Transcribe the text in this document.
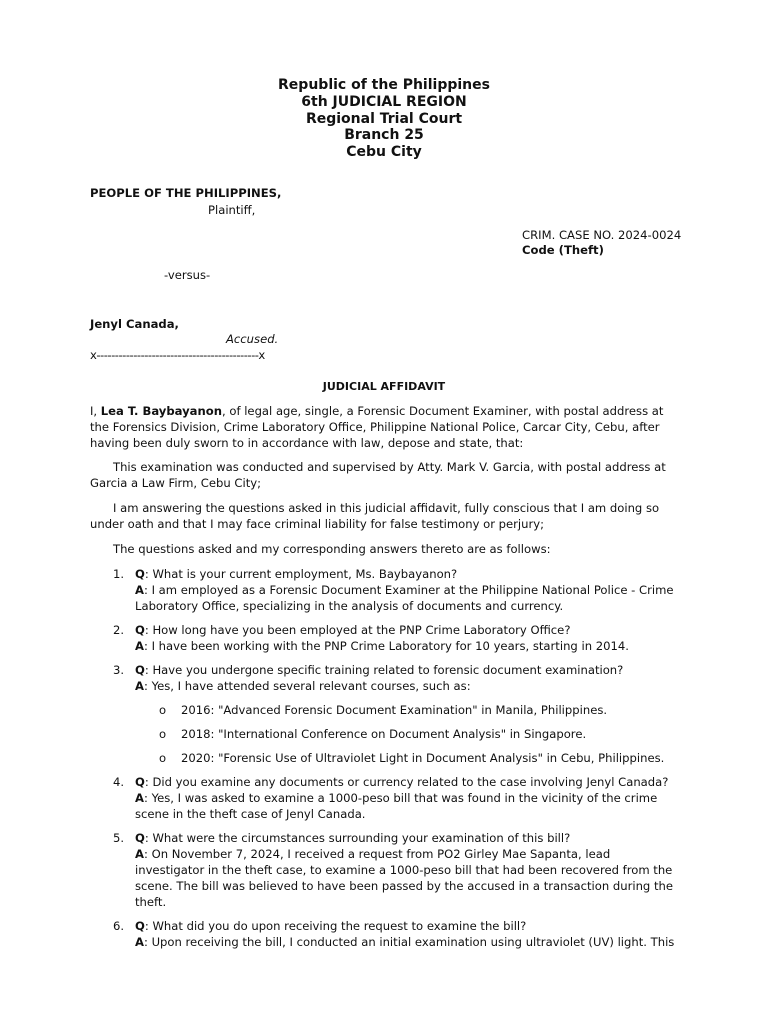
Republic of the Philippines
6th JUDICIAL REGION
Regional Trial Court
Branch 25
Cebu City
PEOPLE OF THE PHILIPPINES,
Plaintiff,
CRIM. CASE NO. 2024-0024
Code (Theft)
-versus-
Jenyl Canada,
Accused.
x--------------------------------------------x
JUDICIAL AFFIDAVIT

I, Lea T. Baybayanon, of legal age, single, a Forensic Document Examiner, with postal address at the Forensics Division, Crime Laboratory Office, Philippine National Police, Carcar City, Cebu, after having been duly sworn to in accordance with law, depose and state, that:

This examination was conducted and supervised by Atty. Mark V. Garcia, with postal address at Garcia a Law Firm, Cebu City;

I am answering the questions asked in this judicial affidavit, fully conscious that I am doing so under oath and that I may face criminal liability for false testimony or perjury;

The questions asked and my corresponding answers thereto are as follows:

1. Q: What is your current employment, Ms. Baybayanon?
A: I am employed as a Forensic Document Examiner at the Philippine National Police - Crime Laboratory Office, specializing in the analysis of documents and currency.
2. Q: How long have you been employed at the PNP Crime Laboratory Office?
A: I have been working with the PNP Crime Laboratory for 10 years, starting in 2014.
3. Q: Have you undergone specific training related to forensic document examination?
A: Yes, I have attended several relevant courses, such as:
o 2016: "Advanced Forensic Document Examination" in Manila, Philippines.
o 2018: "International Conference on Document Analysis" in Singapore.
o 2020: "Forensic Use of Ultraviolet Light in Document Analysis" in Cebu, Philippines.
4. Q: Did you examine any documents or currency related to the case involving Jenyl Canada?
A: Yes, I was asked to examine a 1000-peso bill that was found in the vicinity of the crime scene in the theft case of Jenyl Canada.
5. Q: What were the circumstances surrounding your examination of this bill?
A: On November 7, 2024, I received a request from PO2 Girley Mae Sapanta, lead investigator in the theft case, to examine a 1000-peso bill that had been recovered from the scene. The bill was believed to have been passed by the accused in a transaction during the theft.
6. Q: What did you do upon receiving the request to examine the bill?
A: Upon receiving the bill, I conducted an initial examination using ultraviolet (UV) light. This
